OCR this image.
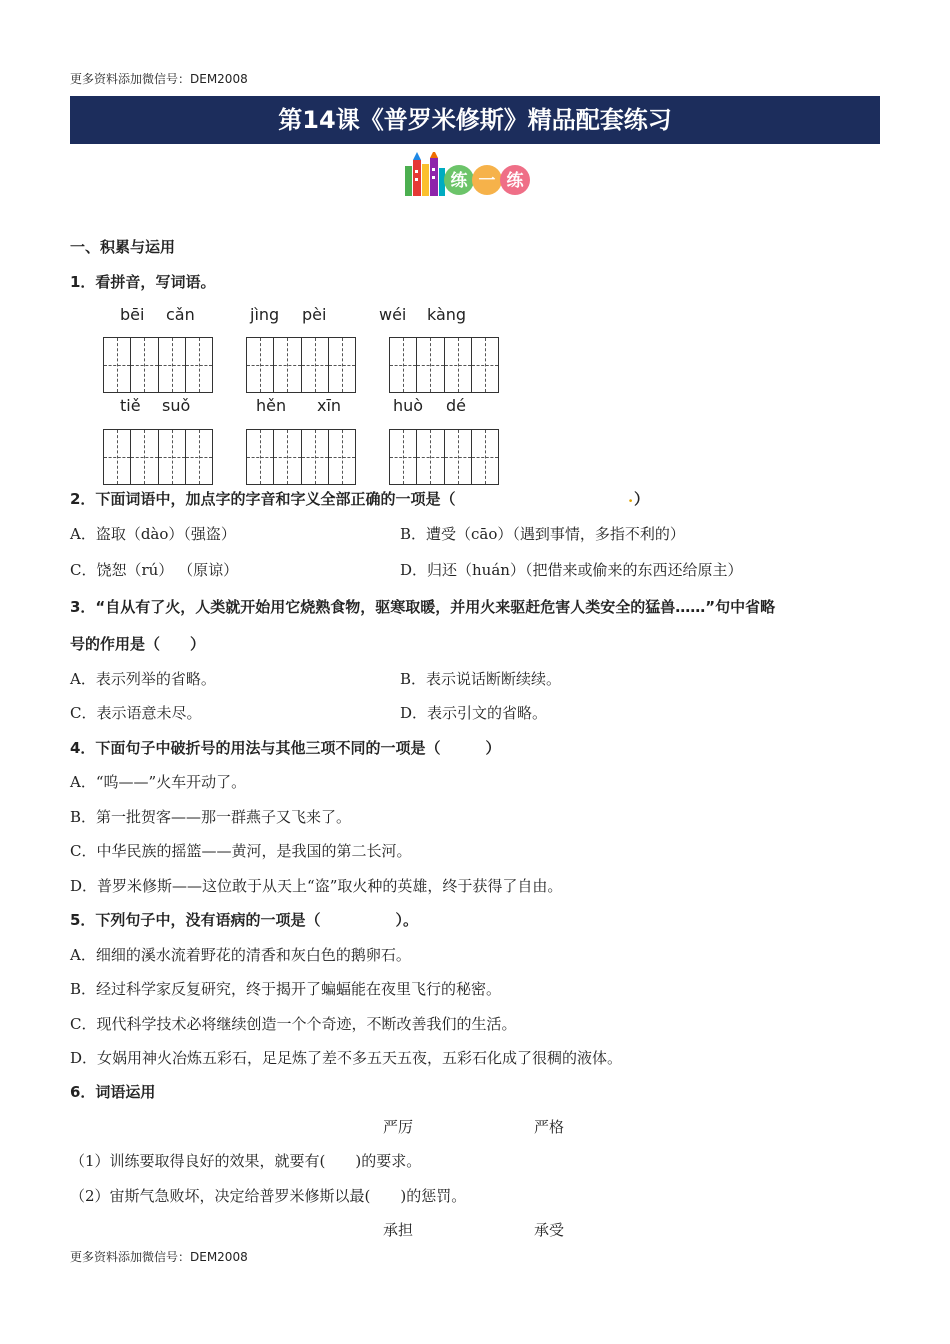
更多资料添加微信号：DEM2008
第14课《普罗米修斯》精品配套练习
练 一 练
一、积累与运用
1．看拼音，写词语。
bēi cǎn	jìng pèi	wéi kàng
tiě suǒ	hěn xīn	huò dé
2．下面词语中，加点字的字音和字义全部正确的一项是（	. ）
A．盗取（dào）（强盗）	B．遭受（cāo）（遇到事情，多指不利的）
C．饶恕（rú） （原谅）	D．归还（huán）（把借来或偷来的东西还给原主）
3．“自从有了火，人类就开始用它烧熟食物，驱寒取暖，并用火来驱赶危害人类安全的猛兽……”句中省略
号的作用是（　　）
A．表示列举的省略。	B．表示说话断断续续。
C．表示语意未尽。	D．表示引文的省略。
4．下面句子中破折号的用法与其他三项不同的一项是（　　　）
A．“呜——”火车开动了。
B．第一批贺客——那一群燕子又飞来了。
C．中华民族的摇篮——黄河，是我国的第二长河。
D．普罗米修斯——这位敢于从天上“盗”取火种的英雄，终于获得了自由。
5．下列句子中，没有语病的一项是（　　　　　）。
A．细细的溪水流着野花的清香和灰白色的鹅卵石。
B．经过科学家反复研究，终于揭开了蝙蝠能在夜里飞行的秘密。
C．现代科学技术必将继续创造一个个奇迹，不断改善我们的生活。
D．女娲用神火冶炼五彩石，足足炼了差不多五天五夜，五彩石化成了很稠的液体。
6．词语运用
严厉	严格
（1）训练要取得良好的效果，就要有(　　)的要求。
（2）宙斯气急败坏，决定给普罗米修斯以最(　　)的惩罚。
承担	承受
更多资料添加微信号：DEM2008
